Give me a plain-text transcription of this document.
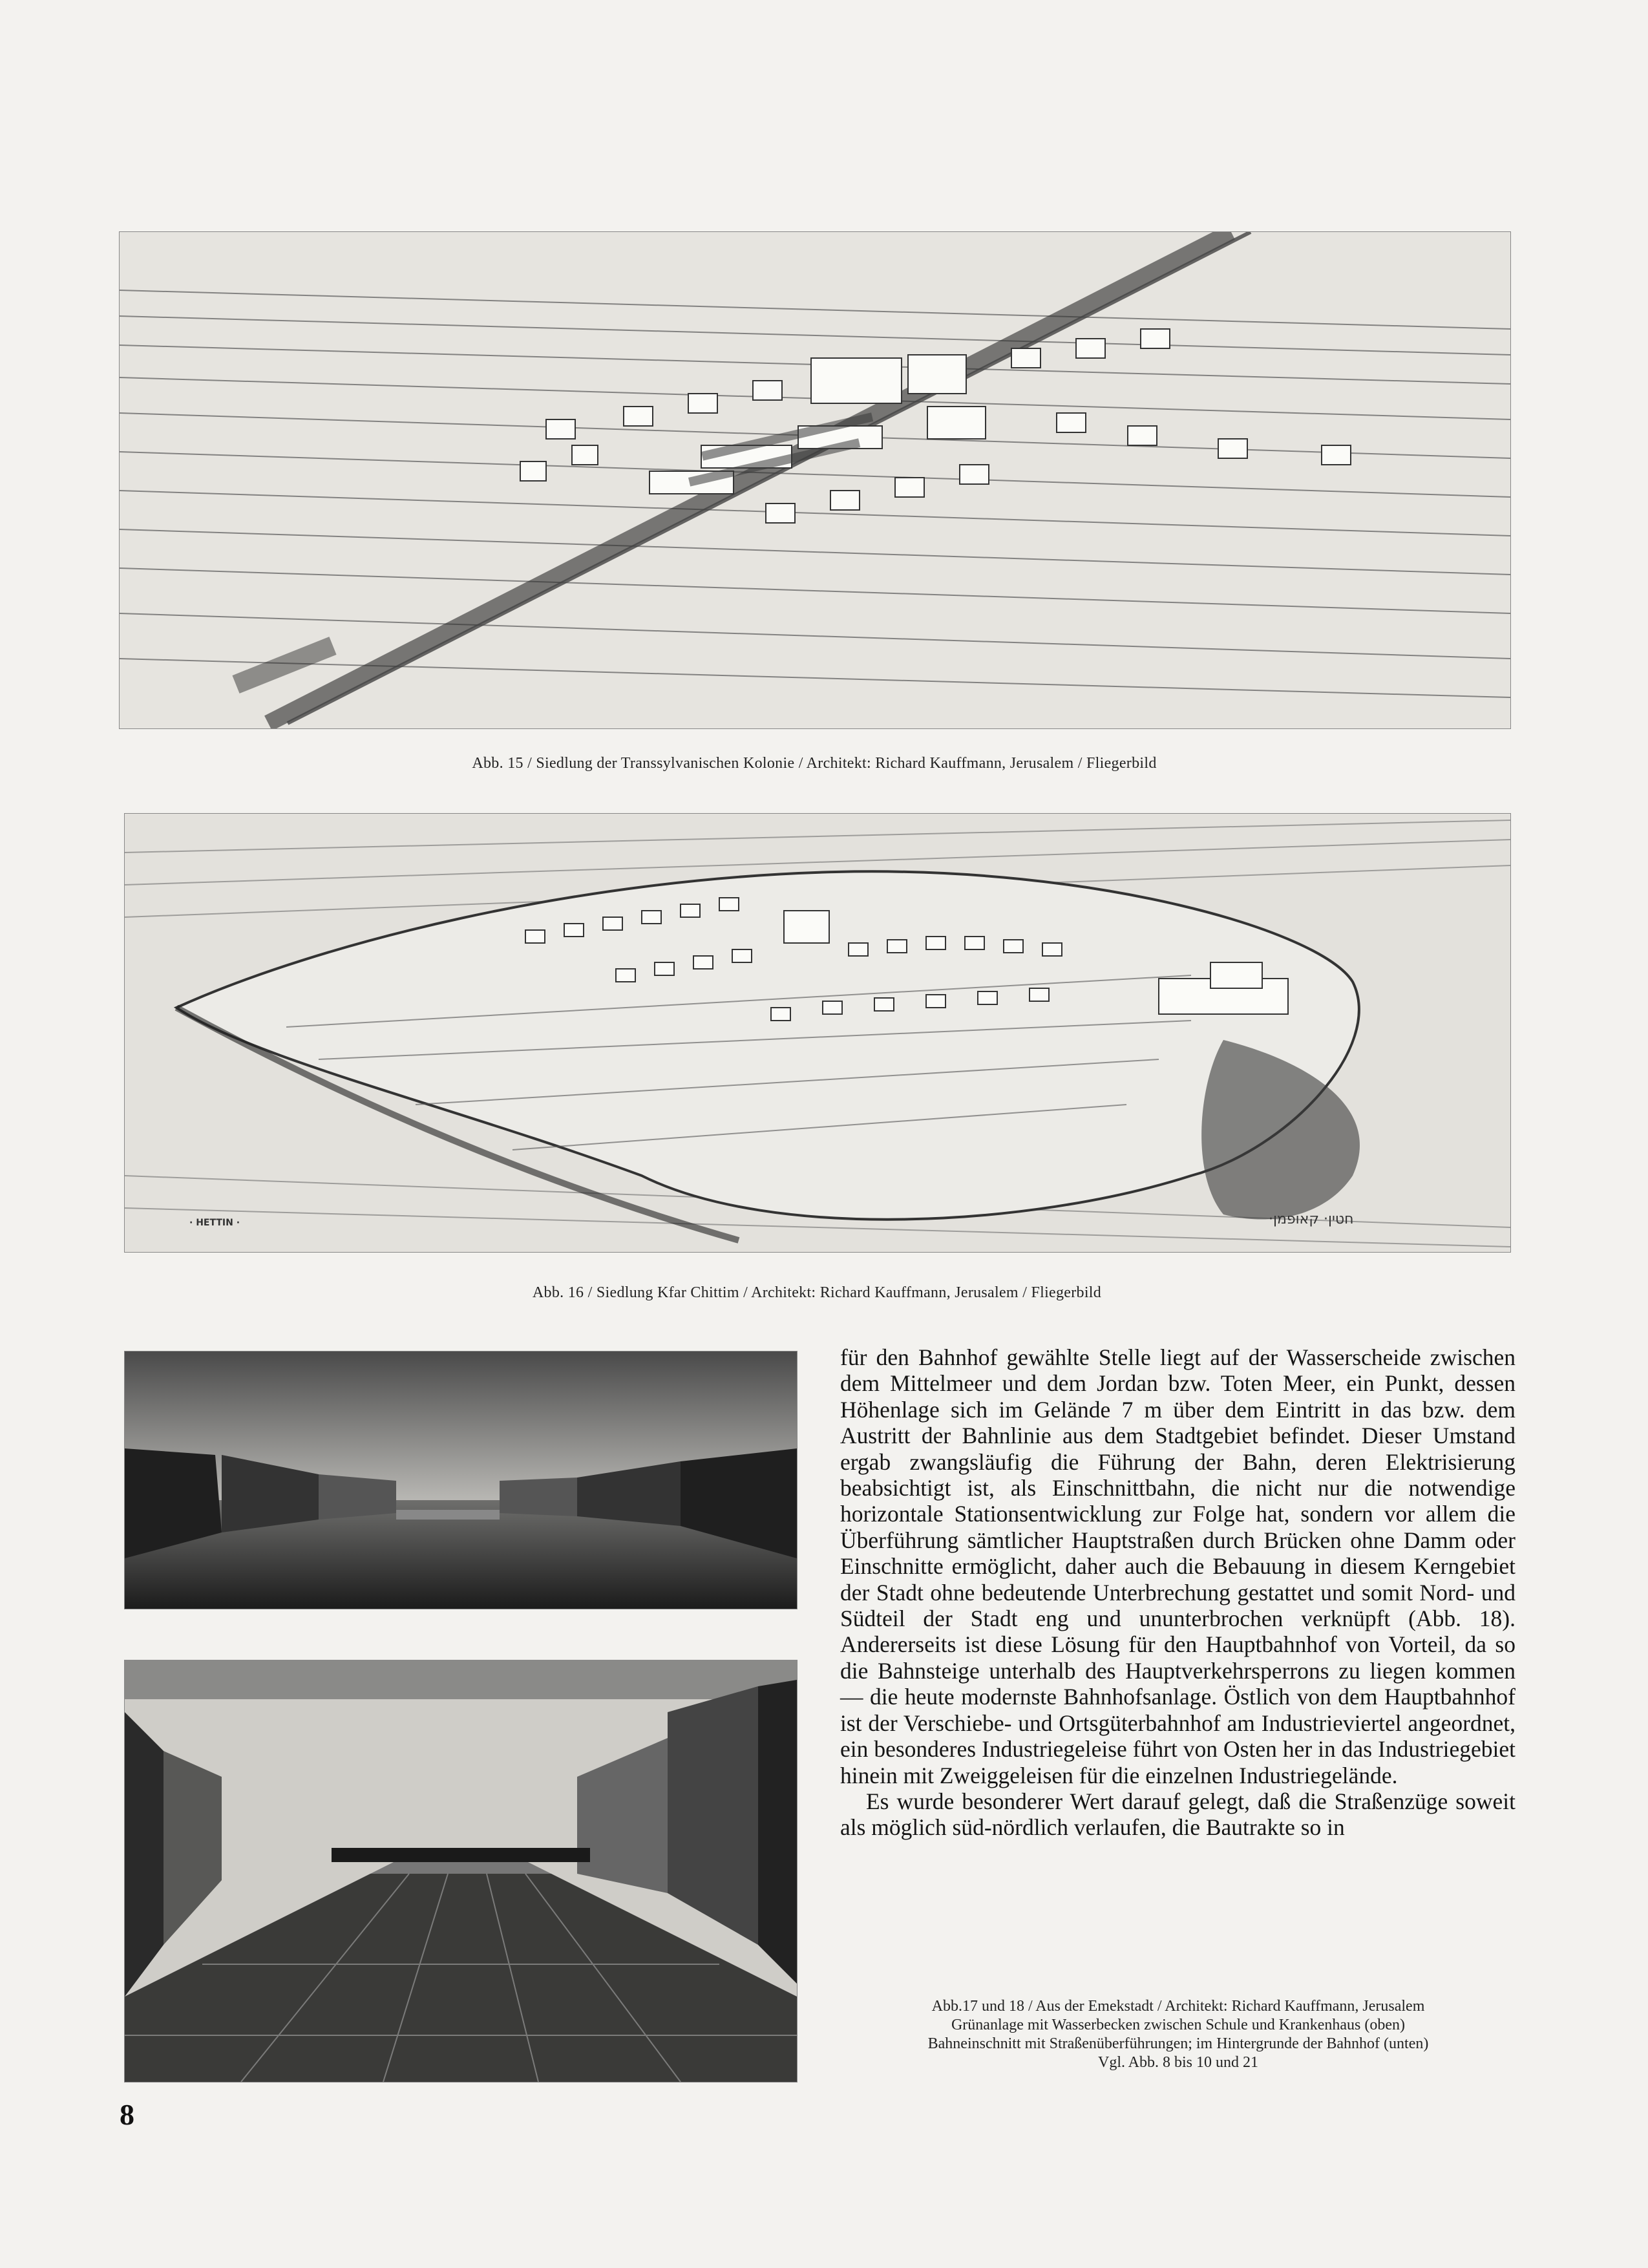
Abb. 15 / Siedlung der Transsylvanischen Kolonie / Architekt: Richard Kauffmann, Jerusalem / Fliegerbild
· HETTIN ·	·חטין· קאופמן
Abb. 16 / Siedlung Kfar Chittim / Architekt: Richard Kauffmann, Jerusalem / Fliegerbild

für den Bahnhof gewählte Stelle liegt auf der Wasserscheide zwischen dem Mittelmeer und dem Jordan bzw. Toten Meer, ein Punkt, dessen Höhenlage sich im Gelände 7 m über dem Eintritt in das bzw. dem Austritt der Bahnlinie aus dem Stadtgebiet befindet. Dieser Umstand ergab zwangsläufig die Führung der Bahn, deren Elektrisierung beabsichtigt ist, als Einschnittbahn, die nicht nur die notwendige horizontale Stationsentwicklung zur Folge hat, sondern vor allem die Überführung sämtlicher Hauptstraßen durch Brücken ohne Damm oder Einschnitte ermöglicht, daher auch die Bebauung in diesem Kerngebiet der Stadt ohne bedeutende Unterbrechung gestattet und somit Nord- und Südteil der Stadt eng und ununterbrochen verknüpft (Abb. 18). Andererseits ist diese Lösung für den Hauptbahnhof von Vorteil, da so die Bahnsteige unterhalb des Hauptverkehrsperrons zu liegen kommen — die heute modernste Bahnhofsanlage. Östlich von dem Hauptbahnhof ist der Verschiebe- und Ortsgüterbahnhof am Industrieviertel angeordnet, ein besonderes Industriegeleise führt von Osten her in das Industriegebiet hinein mit Zweiggeleisen für die einzelnen Industriegelände.

Es wurde besonderer Wert darauf gelegt, daß die Straßenzüge soweit als möglich süd-nördlich verlaufen, die Bautrakte so in

Abb.17 und 18 / Aus der Emekstadt / Architekt: Richard Kauffmann, Jerusalem
Grünanlage mit Wasserbecken zwischen Schule und Krankenhaus (oben)
Bahneinschnitt mit Straßenüberführungen; im Hintergrunde der Bahnhof (unten)
Vgl. Abb. 8 bis 10 und 21
8
